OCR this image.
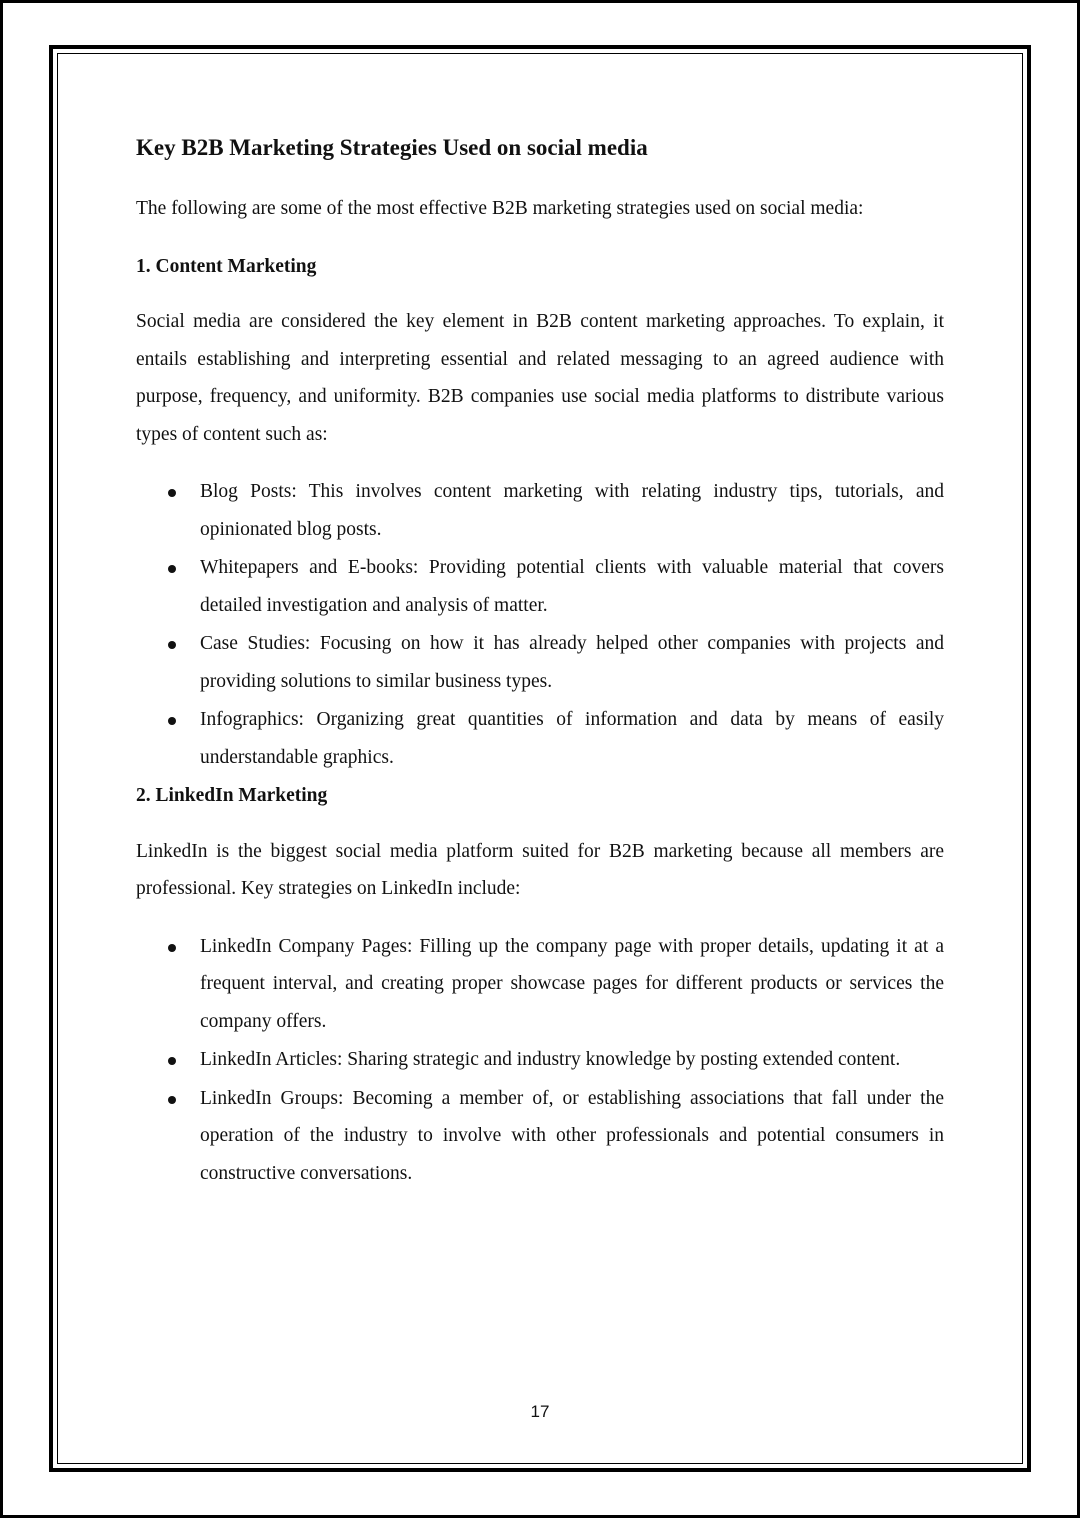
Key B2B Marketing Strategies Used on social media

The following are some of the most effective B2B marketing strategies used on social media:

1. Content Marketing

Social media are considered the key element in B2B content marketing approaches. To explain, it entails establishing and interpreting essential and related messaging to an agreed audience with purpose, frequency, and uniformity. B2B companies use social media platforms to distribute various types of content such as:

Blog Posts: This involves content marketing with relating industry tips, tutorials, and opinionated blog posts.
Whitepapers and E-books: Providing potential clients with valuable material that covers detailed investigation and analysis of matter.
Case Studies: Focusing on how it has already helped other companies with projects and providing solutions to similar business types.
Infographics: Organizing great quantities of information and data by means of easily understandable graphics.
2. LinkedIn Marketing

LinkedIn is the biggest social media platform suited for B2B marketing because all members are professional. Key strategies on LinkedIn include:

LinkedIn Company Pages: Filling up the company page with proper details, updating it at a frequent interval, and creating proper showcase pages for different products or services the company offers.
LinkedIn Articles: Sharing strategic and industry knowledge by posting extended content.
LinkedIn Groups: Becoming a member of, or establishing associations that fall under the operation of the industry to involve with other professionals and potential consumers in constructive conversations.
17
